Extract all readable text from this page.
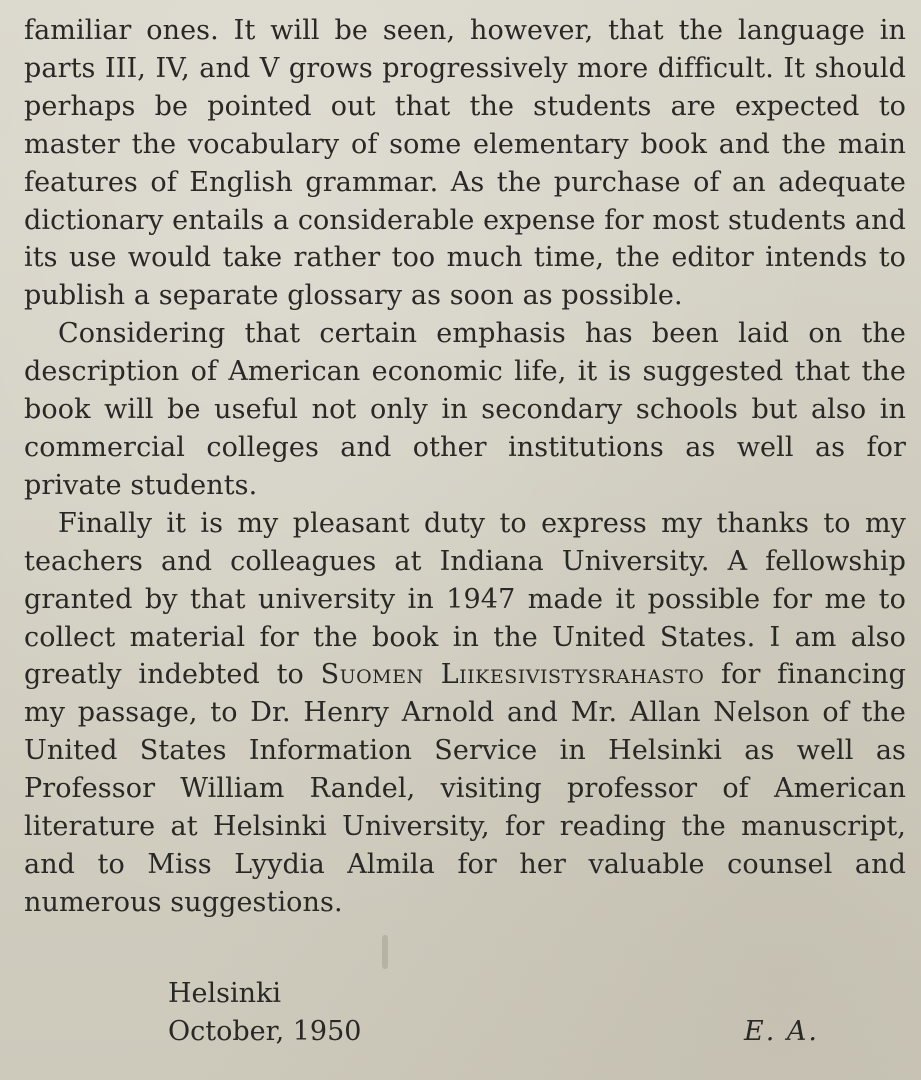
familiar ones. It will be seen, however, that the language in parts III, IV, and V grows progressively more difficult. It should perhaps be pointed out that the students are expected to master the vocabulary of some elementary book and the main features of English grammar. As the purchase of an adequate dictionary entails a considerable expense for most students and its use would take rather too much time, the editor intends to publish a separate glossary as soon as possible.

Considering that certain emphasis has been laid on the description of American economic life, it is suggested that the book will be useful not only in secondary schools but also in commercial colleges and other institutions as well as for private students.

Finally it is my pleasant duty to express my thanks to my teachers and colleagues at Indiana University. A fellowship granted by that university in 1947 made it possible for me to collect material for the book in the United States. I am also greatly indebted to Suomen Liikesivistysrahasto for financing my passage, to Dr. Henry Arnold and Mr. Allan Nelson of the United States Information Service in Helsinki as well as Professor William Randel, visiting professor of American literature at Helsinki University, for reading the manuscript, and to Miss Lyydia Almila for her valuable counsel and numerous suggestions.

Helsinki
October, 1950	E. A.
